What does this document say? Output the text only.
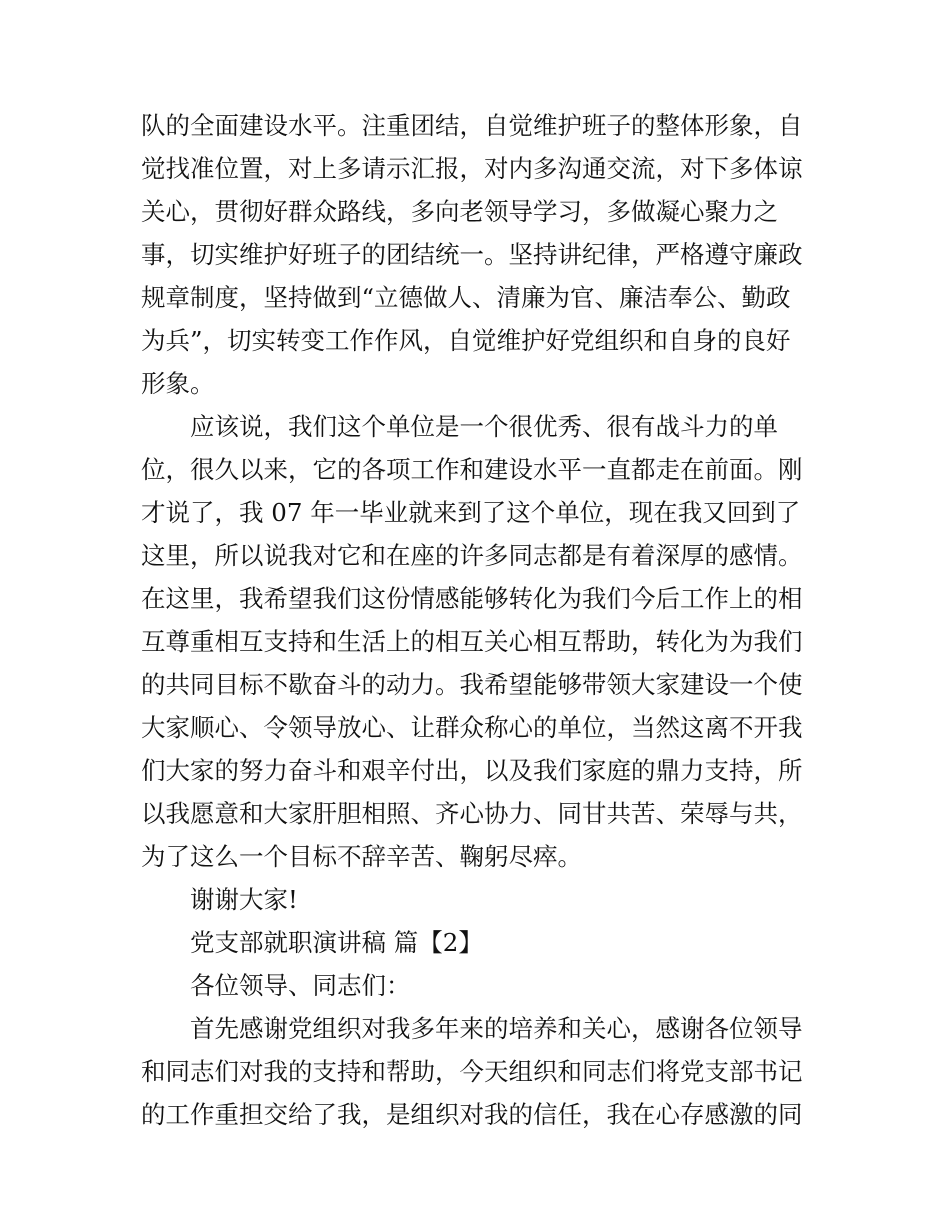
队的全面建设水平。注重团结，自觉维护班子的整体形象，自
觉找准位置，对上多请示汇报，对内多沟通交流，对下多体谅
关心，贯彻好群众路线，多向老领导学习，多做凝心聚力之
事，切实维护好班子的团结统一。坚持讲纪律，严格遵守廉政
规章制度，坚持做到“立德做人、清廉为官、廉洁奉公、勤政
为兵”，切实转变工作作风，自觉维护好党组织和自身的良好
形象。
应该说，我们这个单位是一个很优秀、很有战斗力的单
位，很久以来，它的各项工作和建设水平一直都走在前面。刚
才说了，我 07 年一毕业就来到了这个单位，现在我又回到了
这里，所以说我对它和在座的许多同志都是有着深厚的感情。
在这里，我希望我们这份情感能够转化为我们今后工作上的相
互尊重相互支持和生活上的相互关心相互帮助，转化为为我们
的共同目标不歇奋斗的动力。我希望能够带领大家建设一个使
大家顺心、令领导放心、让群众称心的单位，当然这离不开我
们大家的努力奋斗和艰辛付出，以及我们家庭的鼎力支持，所
以我愿意和大家肝胆相照、齐心协力、同甘共苦、荣辱与共，
为了这么一个目标不辞辛苦、鞠躬尽瘁。
谢谢大家!
党支部就职演讲稿 篇【2】
各位领导、同志们：
首先感谢党组织对我多年来的培养和关心，感谢各位领导
和同志们对我的支持和帮助，今天组织和同志们将党支部书记
的工作重担交给了我，是组织对我的信任，我在心存感激的同
